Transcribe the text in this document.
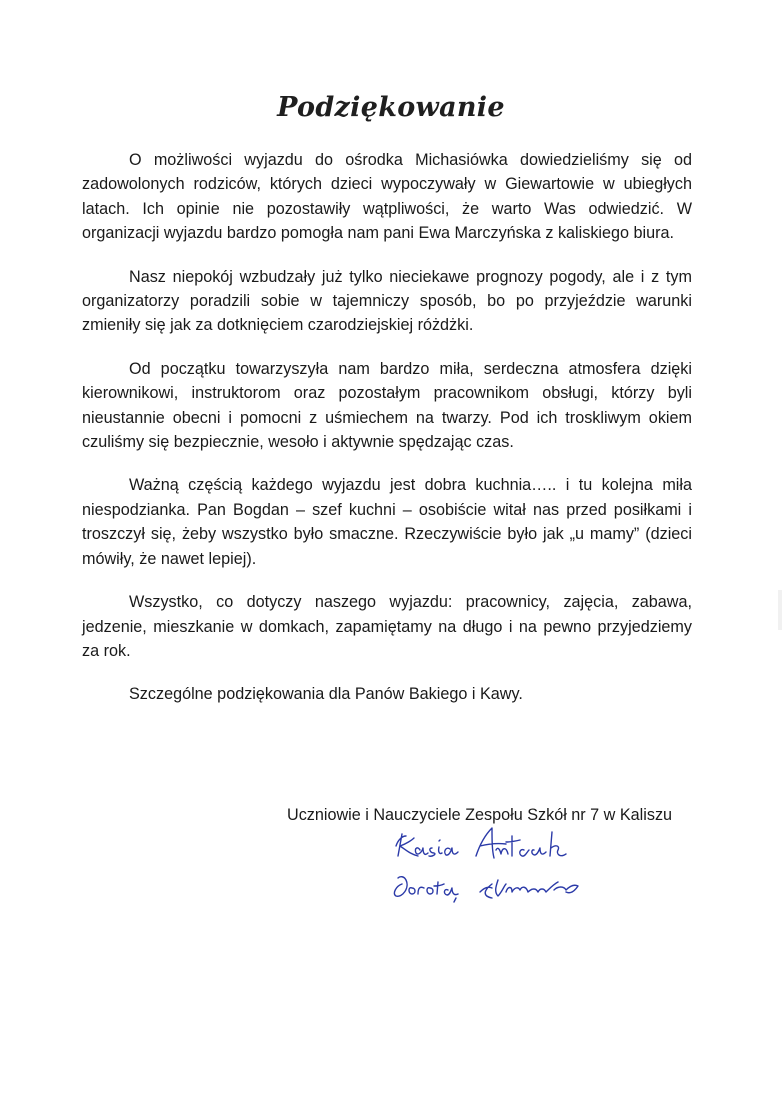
Podziękowanie

O możliwości wyjazdu do ośrodka Michasiówka dowiedzieliśmy się od zadowolonych rodziców, których dzieci wypoczywały w Giewartowie w ubiegłych latach. Ich opinie nie pozostawiły wątpliwości, że warto Was odwiedzić. W organizacji wyjazdu bardzo pomogła nam pani Ewa Marczyńska z kaliskiego biura.

Nasz niepokój wzbudzały już tylko nieciekawe prognozy pogody, ale i z tym organizatorzy poradzili sobie w tajemniczy sposób, bo po przyjeździe warunki zmieniły się jak za dotknięciem czarodziejskiej różdżki.

Od początku towarzyszyła nam bardzo miła, serdeczna atmosfera dzięki kierownikowi, instruktorom oraz pozostałym pracownikom obsługi, którzy byli nieustannie obecni i pomocni z uśmiechem na twarzy. Pod ich troskliwym okiem czuliśmy się bezpiecznie, wesoło i aktywnie spędzając czas.

Ważną częścią każdego wyjazdu jest dobra kuchnia….. i tu kolejna miła niespodzianka. Pan Bogdan – szef kuchni – osobiście witał nas przed posiłkami i troszczył się, żeby wszystko było smaczne. Rzeczywiście było jak „u mamy” (dzieci mówiły, że nawet lepiej).

Wszystko, co dotyczy naszego wyjazdu: pracownicy, zajęcia, zabawa, jedzenie, mieszkanie w domkach, zapamiętamy na długo i na pewno przyjedziemy za rok.

Szczególne podziękowania dla Panów Bakiego i Kawy.

Uczniowie i Nauczyciele Zespołu Szkół nr 7 w Kaliszu
